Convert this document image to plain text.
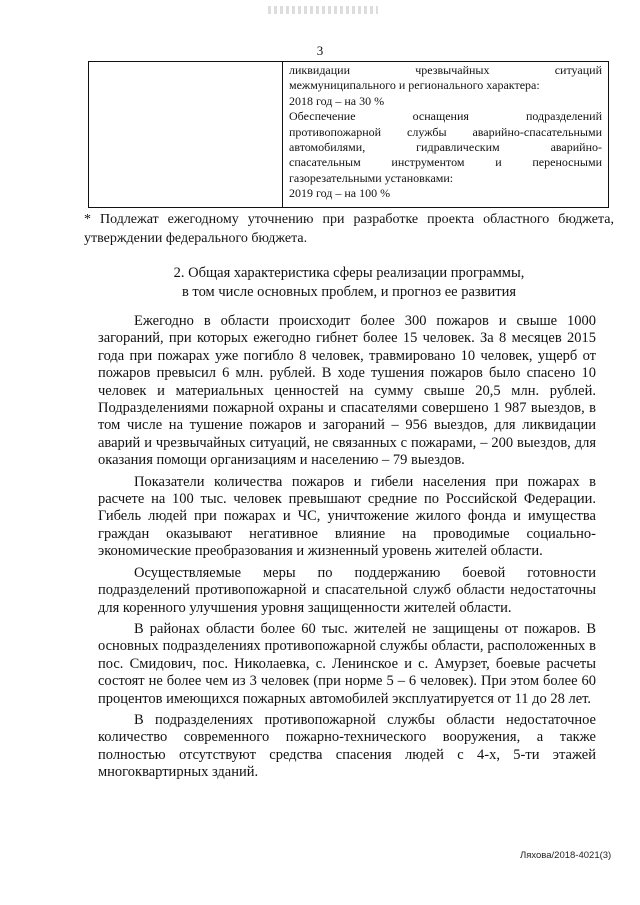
3
ликвидации чрезвычайных ситуаций
межмуниципального и регионального характера:
2018 год – на 30 %
Обеспечение оснащения подразделений
противопожарной службы аварийно-спасательными
автомобилями, гидравлическим аварийно-
спасательным инструментом и переносными
газорезательными установками:
2019 год – на 100 %
* Подлежат ежегодному уточнению при разработке проекта областного бюджета, утверждении федерального бюджета.
2. Общая характеристика сферы реализации программы,
в том числе основных проблем, и прогноз ее развития

Ежегодно в области происходит более 300 пожаров и свыше 1000 загораний, при которых ежегодно гибнет более 15 человек. За 8 месяцев 2015 года при пожарах уже погибло 8 человек, травмировано 10 человек, ущерб от пожаров превысил 6 млн. рублей. В ходе тушения пожаров было спасено 10 человек и материальных ценностей на сумму свыше 20,5 млн. рублей. Подразделениями пожарной охраны и спасателями совершено 1 987 выездов, в том числе на тушение пожаров и загораний – 956 выездов, для ликвидации аварий и чрезвычайных ситуаций, не связанных с пожарами, – 200 выездов, для оказания помощи организациям и населению – 79 выездов.

Показатели количества пожаров и гибели населения при пожарах в расчете на 100 тыс. человек превышают средние по Российской Федерации. Гибель людей при пожарах и ЧС, уничтожение жилого фонда и имущества граждан оказывают негативное влияние на проводимые социально-экономические преобразования и жизненный уровень жителей области.

Осуществляемые меры по поддержанию боевой готовности подразделений противопожарной и спасательной служб области недостаточны для коренного улучшения уровня защищенности жителей области.

В районах области более 60 тыс. жителей не защищены от пожаров. В основных подразделениях противопожарной службы области, расположенных в пос. Смидович, пос. Николаевка, с. Ленинское и с. Амурзет, боевые расчеты состоят не более чем из 3 человек (при норме 5 – 6 человек). При этом более 60 процентов имеющихся пожарных автомобилей эксплуатируется от 11 до 28 лет.

В подразделениях противопожарной службы области недостаточное количество современного пожарно-технического вооружения, а также полностью отсутствуют средства спасения людей с 4-х, 5-ти этажей многоквартирных зданий.

Ляхова/2018-4021(3)
